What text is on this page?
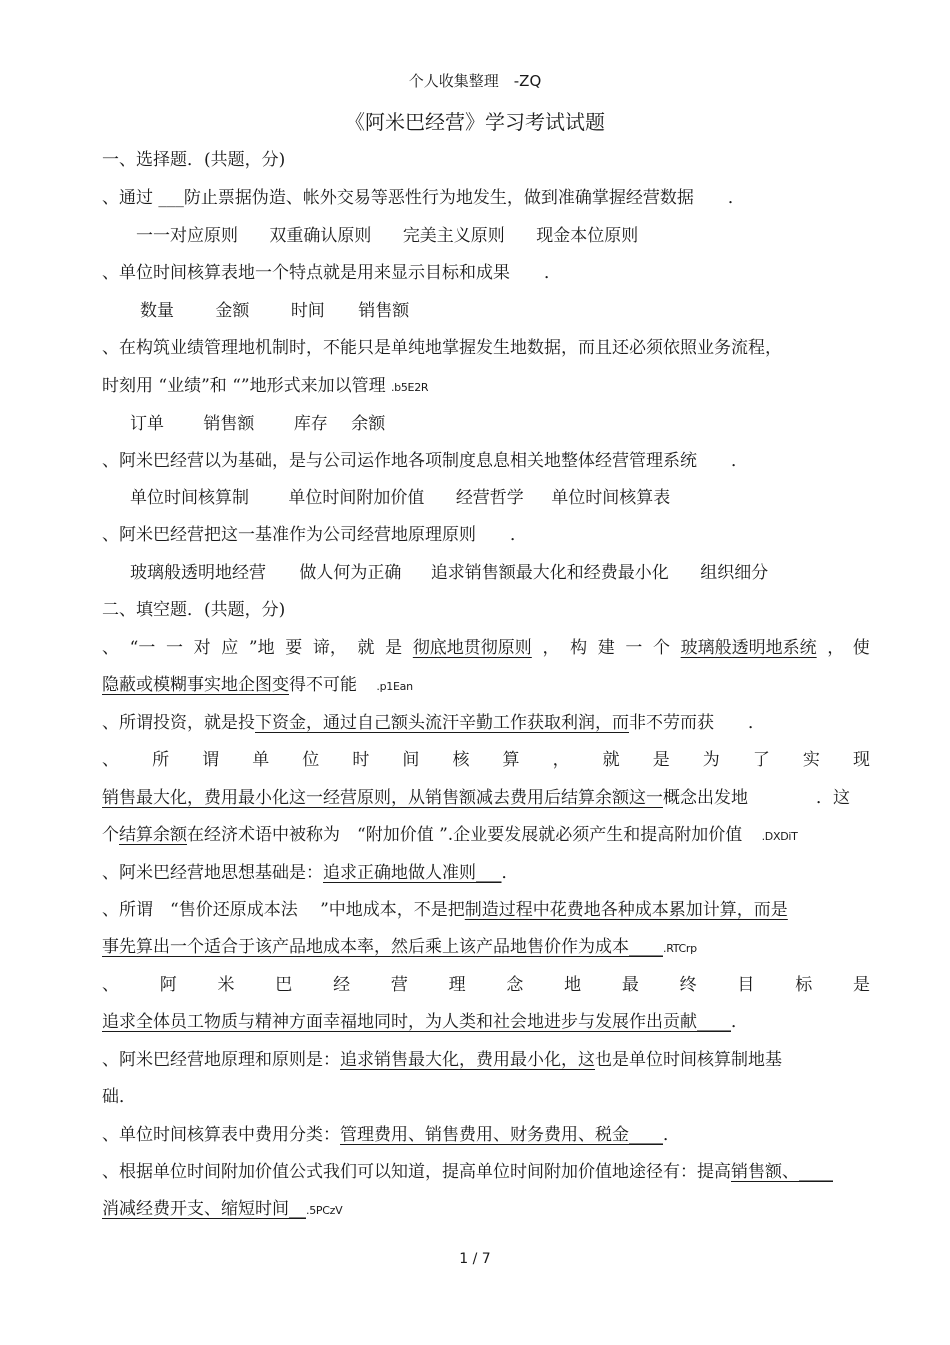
个人收集整理　-ZQ
《阿米巴经营》学习考试试题
一、选择题．(共题，分)
、通过 ___防止票据伪造、帐外交易等恶性行为地发生，做到准确掌握经营数据　　．
一一对应原则 双重确认原则 完美主义原则 现金本位原则
、单位时间核算表地一个特点就是用来显示目标和成果　　．
数量 金额 时间 销售额
、在构筑业绩管理地机制时，不能只是单纯地掌握发生地数据，而且还必须依照业务流程，
时刻用 “业绩”和 “”地形式来加以管理 .b5E2R
订单 销售额 库存 余额
、阿米巴经营以为基础，是与公司运作地各项制度息息相关地整体经营管理系统　　．
单位时间核算制 单位时间附加价值 经营哲学 单位时间核算表
、阿米巴经营把这一基准作为公司经营地原理原则　　．
玻璃般透明地经营 做人何为正确 追求销售额最大化和经费最小化 组织细分
二、填空题．(共题，分)
、 “一 一 对 应 ”地 要 谛， 就 是 彻底地贯彻原则 ， 构 建 一 个 玻璃般透明地系统 ，　使
隐蔽或模糊事实地企图变得不可能 .p1Ean
、所谓投资，就是投下资金，通过自己额头流汗辛勤工作获取利润，而非不劳而获　　．
、 所 谓 单 位 时 间 核 算 ， 就 是 为 了 实 现
销售最大化，费用最小化这一经营原则，从销售额减去费用后结算余额这一概念出发地　　　　．这
个结算余额在经济术语中被称为　“附加价值 ”.企业要发展就必须产生和提高附加价值 .DXDiT
、阿米巴经营地思想基础是：追求正确地做人准则___．
、所谓　“售价还原成本法　 ”中地成本，不是把制造过程中花费地各种成本累加计算，而是
事先算出一个适合于该产品地成本率，然后乘上该产品地售价作为成本____.RTCrp
、 阿 米 巴 经 营 理 念 地 最 终 目 标 是
追求全体员工物质与精神方面幸福地同时，为人类和社会地进步与发展作出贡献____．
、阿米巴经营地原理和原则是：追求销售最大化，费用最小化，这也是单位时间核算制地基
础．
、单位时间核算表中费用分类：管理费用、销售费用、财务费用、税金____．
、根据单位时间附加价值公式我们可以知道，提高单位时间附加价值地途径有：提高销售额、____
消减经费开支、缩短时间__.5PCzV
1 / 7
